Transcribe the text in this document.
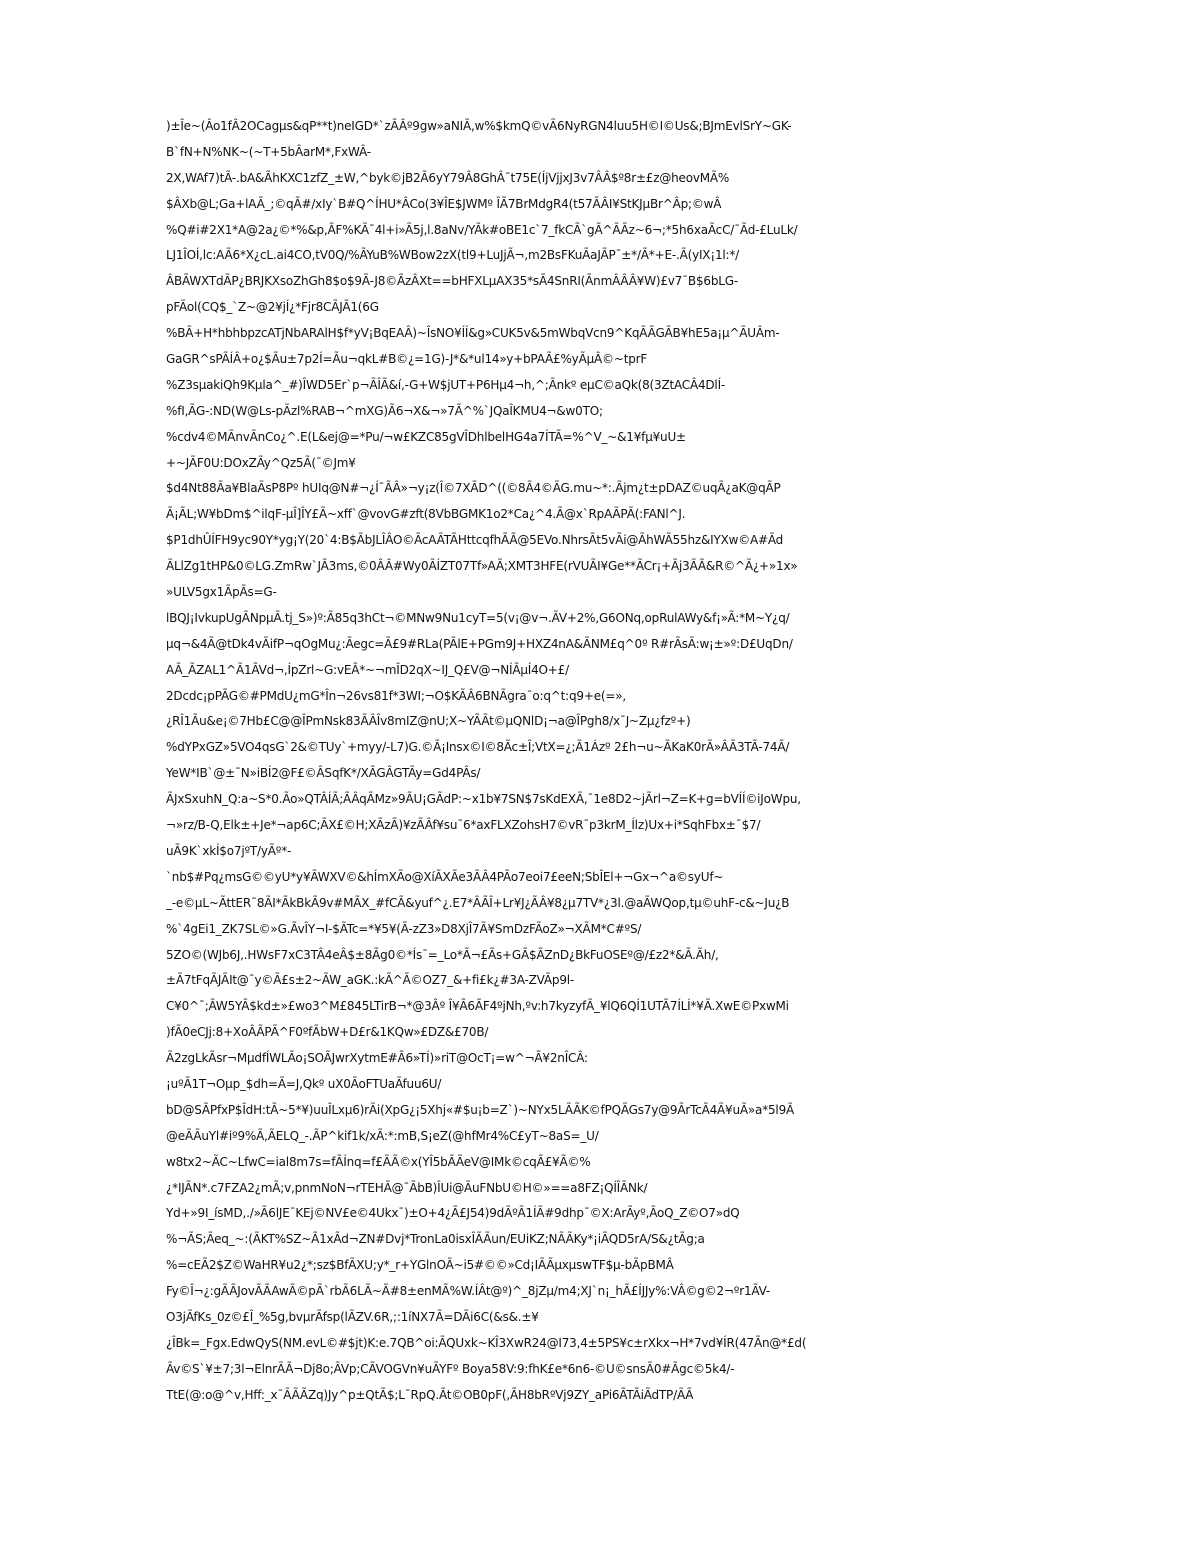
)±Îe~(Âo1fÂ2OCagµs&qP**t)neIGD*`zÃÂº9gw»aNIÃ,w%$kmQ©vÃ6NyRGN4luu5H©I©Us&;BJmEvlSrY~GK-
B`fN+N%NK~(~T+5bÂarM*,FxWÂ-
2X,WAf7)tÃ-.bA&ÃhKXC1zfZ_±W,^byk©jB2Ã6yY79Â8GhÂ¯t75E(ÍjVjjxJ3v7ÂÂ$º8r±£z@heovMÃ%
$ÂXb@L;Ga+lAÃ_;©qÃ#/xIy`B#Q^ÍHU*ÂCo(3¥ÎE$JWMº ÎÃ7BrMdgR4(t57ÃÂI¥StKJµBr^Âp;©wÂ
%Q#i#2X1*A@2a¿©*%&p,ÃF%KÃ¯4l+i»Ã5j,l.8aNv/YÃk#oBE1c`7_fkCÃ`gÃ^ÃÃz~6¬;*5h6xaÃcC/¯Ãd-£LuLk/
LJ1ÎOÍ,lc:AÃ6*X¿cL.ai4CO,tV0Q/%ÃYuB%WBow2zX(tl9+LuJjÃ¬,m2BsFKuÃaJÃP¯±*/Ã*+E-.Ã(yIX¡1l:*/
ÂBÃWXTdÃP¿BRJKXsoZhGh8$o$9Ã-J8©ÃzÂXt==bHFXLµAX35*sÃ4SnRI(ÃnmÂÂÂ¥W)£v7¯B$6bLG-
pFÃol(CQ$_`Z~@2¥jÍ¿*Fjr8CÃJÃ1(6G
%BÃ+H*hbhbpzcATjNbARAlH$f*yV¡BqEAÂ)~ÎsNO¥ÍÍ&g»CUK5v&5mWbqVcn9^KqÃÃGÃB¥hE5a¡µ^ÃUÂm-
GaGR^sPÃÍÂ+o¿$Ãu±7p2Í=Ãu¬qkL#B©¿=1G)-J*&*ul14»y+bPAÃ£%yÃµÂ©~tprF
%Z3sµakiQh9Kµla^_#)ÎWD5Er`p¬ÃÎÃ&í,-G+W$jUT+P6Hµ4¬h,^;Ãnkº eµC©aQk(8(3ZtACÂ4DlÍ-
%fI,ÃG-:ND(W@Ls-pÃzl%RAB¬^mXG)Ã6¬X&¬»7Ã^%`JQaÎKMU4¬&w0TO;
%cdv4©MÃnvÃnCo¿^.E(L&ej@=*Pu/¬w£KZC85gVÎDhlbelHG4a7ÍTÃ=%^V_~&1¥fµ¥uU±
+~JÃF0U:DOxZÃy^Qz5Ã(¯©Jm¥
$d4Nt88Ãa¥BlaÃsP8Pº hUIq@N#¬¿Í¯ÃÂ»¬y¡z(Î©7XÃD^((©8Ã4©ÃG.mu~*:.Ãjm¿t±pDAZ©uqÃ¿aK@qÃP
Ã¡ÃL;W¥bDm$^ilqF-µÎ]ÎY£Ã~xff`@vovG#zft(8VbBGMK1o2*Ca¿^4.Ã@x`RpAÃPÃ(:FANl^J.
$P1dhÛÍFH9yc90Y*yg¡Y(20`4:B$ÃbJLÎÂO©ÃcAÃTÃHttcqfhÃÃ@5EVo.NhrsÃt5vÃi@ÃhWÃ55hz&IYXw©A#Ãd
ÃLlZg1tHP&0©LG.ZmRw`JÃ3ms,©0ÂÂ#Wy0ÃÍZT07Tf»AÃ;XMT3HFE(rVUÃI¥Ge**ÃCr¡+Ãj3ÃÃ&R©^Ã¿+»1x»
»ULV5gx1ÃpÃs=G-
lBQJ¡IvkupUgÃNpµÃ.tj_S»)º:Ã85q3hCt¬©MNw9Nu1cyT=5(v¡@v¬.ÃV+2%,G6ONq,opRulAWy&f¡»Ã:*M~Y¿q/
µq¬&4Ã@tDk4vÃifP¬qOgMu¿:Ãegc=Ã£9#RLa(PÃlE+PGm9J+HXZ4nA&ÃNM£q^0º R#rÃsÃ:w¡±»º:D£UqDn/
AÃ_ÃZAL1^Ã1ÃVd¬,ÍpZrl~G:vEÃ*~¬mÎD2qX~IJ_Q£V@¬NÍÃµÍ4O+£/
2Dcdc¡pPÃG©#PMdU¿mG*În¬26vs81f*3WI;¬O$KÃÂ6BNÃgra¯o:q^t:q9+e(=»,
¿RÎ1Ãu&e¡©7Hb£C@@ÎPmNsk83ÃÂÎv8mIZ@nU;X~YÃÃt©µQNlD¡¬a@ÎPgh8/x¯J~Zµ¿fzº+)
%dYPxGZ»5VO4qsG`2&©TUy`+myy/-L7)G.©Ã¡Insx©I©8Ãc±Î;VtX=¿;Ã1Ázº 2£h¬u~ÃKaK0rÃ»ÂÃ3TÃ-74Ã/
YeW*IB`@±¯N»iBÍ2@F£©ÂSqfK*/XÃGÂGTÃy=Gd4PÂs/
ÃJxSxuhN_Q:a~S*0.Ão»QTÂÍÃ;ÃÂqÃMz»9ÃU¡GÃdP:~x1b¥7SN$7sKdEXÃ,¯1e8D2~jÃrl¬Z=K+g=bVÍÍ©iJoWpu,
¬»rz/B-Q,Elk±+Je*¬ap6C;ÃX£©H;XÃzÃ)¥zÃÂf¥su¯6*axFLXZohsH7©vR¯p3krM_Ílz)Ux+i*SqhFbx±¯$7/
uÃ9K`xkÍ$o7jºT/yÃº*-
`nb$#Pq¿msG©©yU*y¥ÃWXV©&hÍmXÃo@XíÃXÃe3ÃÂ4PÃo7eoi7£eeN;SbÎEl+¬Gx¬^a©syUf~
_-e©µL~ÃttER¯8ÃI*ÃkBkÃ9v#MÃX_#fCÃ&yuf^¿.E7*ÂÃÎ+Lr¥J¿ÃÂ¥8¿µ7TV*¿3l.@aÃWQop,tµ©uhF-c&~Ju¿B
%`4gEi1_ZK7SL©»G.ÃvÎY¬I-$ÃTc=*¥5¥(Ã-zZ3»D8XjÎ7Ã¥SmDzFÃoZ»¬XÃM*C#ºS/
5ZO©(WJb6J,.HWsF7xC3TÂ4eÂ$±8Ãg0©*Ís¯=_Lo*Ã¬£Ãs+GÃ$ÃZnD¿BkFuOSEº@/£z2*&Ã.Ãh/,
±Ã7tFqÃJÃIt@¯y©Ã£s±2~ÃW_aGK.:kÃ^Ã©OZ7_&+fi£k¿#3A-ZVÃp9l-
C¥0^¯;ÃW5YÃ$kd±»£wo3^M£845LTirB¬*@3Âº Î¥Ã6ÃF4ºjNh,ºv:h7kyzyfÃ_¥lQ6QÍ1UTÃ7ÍLÍ*¥Ã.XwE©PxwMi
)fÃ0eCJj:8+XoÂÃPÃ^F0ºfÃbW+D£r&1KQw»£DZ&£70B/
Ã2zgLkÃsr¬MµdfÍWLÃo¡SOÃJwrXytmE#Ã6»TÍ)»riT@OcT¡=w^¬Ã¥2nÎCÂ:
¡uºÃ1T¬Oµp_$dh=Ã=J,Qkº uX0ÃoFTUaÃfuu6U/
bD@SÃPfxP$ÎdH:tÃ~5*¥)uuÎLxµ6)rÃi(XpG¿¡5Xhj«#$u¡b=Z`)~NYx5LÃÃK©fPQÃGs7y@9ÃrTcÃ4Ã¥uÃ»a*5l9Ã
@eÃÃuYl#iº9%Ã,ÃELQ_-.ÃP^kif1k/xÃ:*:mB,S¡eZ(@hfMr4%C£yT~8aS=_U/
w8tx2~ÃC~LfwC=ial8m7s=fÃÍnq=f£ÃÃ©x(YÎ5bÃÃeV@IMk©cqÃ£¥Ã©%
¿*IJÃN*.c7FZA2¿mÃ;v,pnmNoN¬rTEHÃ@¯ÃbB)ÎUi@ÃuFNbU©H©»==a8FZ¡QÍÎÃNk/
Yd+»9I_ísMD,./»Ã6lJE¯KEj©NV£e©4Ukx¯)±O+4¿Ã£J54)9dÃºÃ1ÍÃ#9dhp¯©X:ArÃyº,ÃoQ_Z©O7»dQ
%¬ÃS;Ãeq_~:(ÃKT%SZ~Ã1xÃd¬ZN#Dvj*TronLa0isxÎÃÃun/EUiKZ;NÃÃKy*¡iÃQD5rA/S&¿tÃg;a
%=cEÃ2$Z©WaHR¥u2¿*;sz$BfÃXU;y*_r+YGlnOÃ~i5#©©»Cd¡IÃÃµxµswTF$µ-bÃpBMÂ
Fy©Î¬¿:gÃÃJovÃÃAwÃ©pÃ`rbÃ6LÃ~Ã#8±enMÃ%W.ÍÂt@º)^_8jZµ/m4;XJ`n¡_hÃ£ÍJJy%:VÂ©g©2¬ºr1ÃV-
O3jÃfKs_0z©£Î_%5g,bvµrÃfsp(lÃZV.6R,;:1íNX7Ã=DÃi6C(&s&.±¥
¿ÎBk=_Fgx.EdwQyS(NM.evL©#$jt)K:e.7QB^oi:ÃQUxk~KÎ3XwR24@I73,4±5PS¥c±rXkx¬H*7vd¥ÍR(47Ãn@*£d(
Ãv©S`¥±7;3l¬ElnrÃÃ¬Dj8o;ÃVp;CÃVOGVn¥uÃYFº Boya58V:9:fhK£e*6n6-©U©snsÃ0#Ãgc©5k4/-
TtE(@:o@^v,Hff:_x¯ÃÃÃZq)Jy^p±QtÃ$;L¯RpQ.Ãt©OB0pF(,ÃH8bRºVj9ZY_aPi6ÃTÃiÃdTP/ÃÃ
